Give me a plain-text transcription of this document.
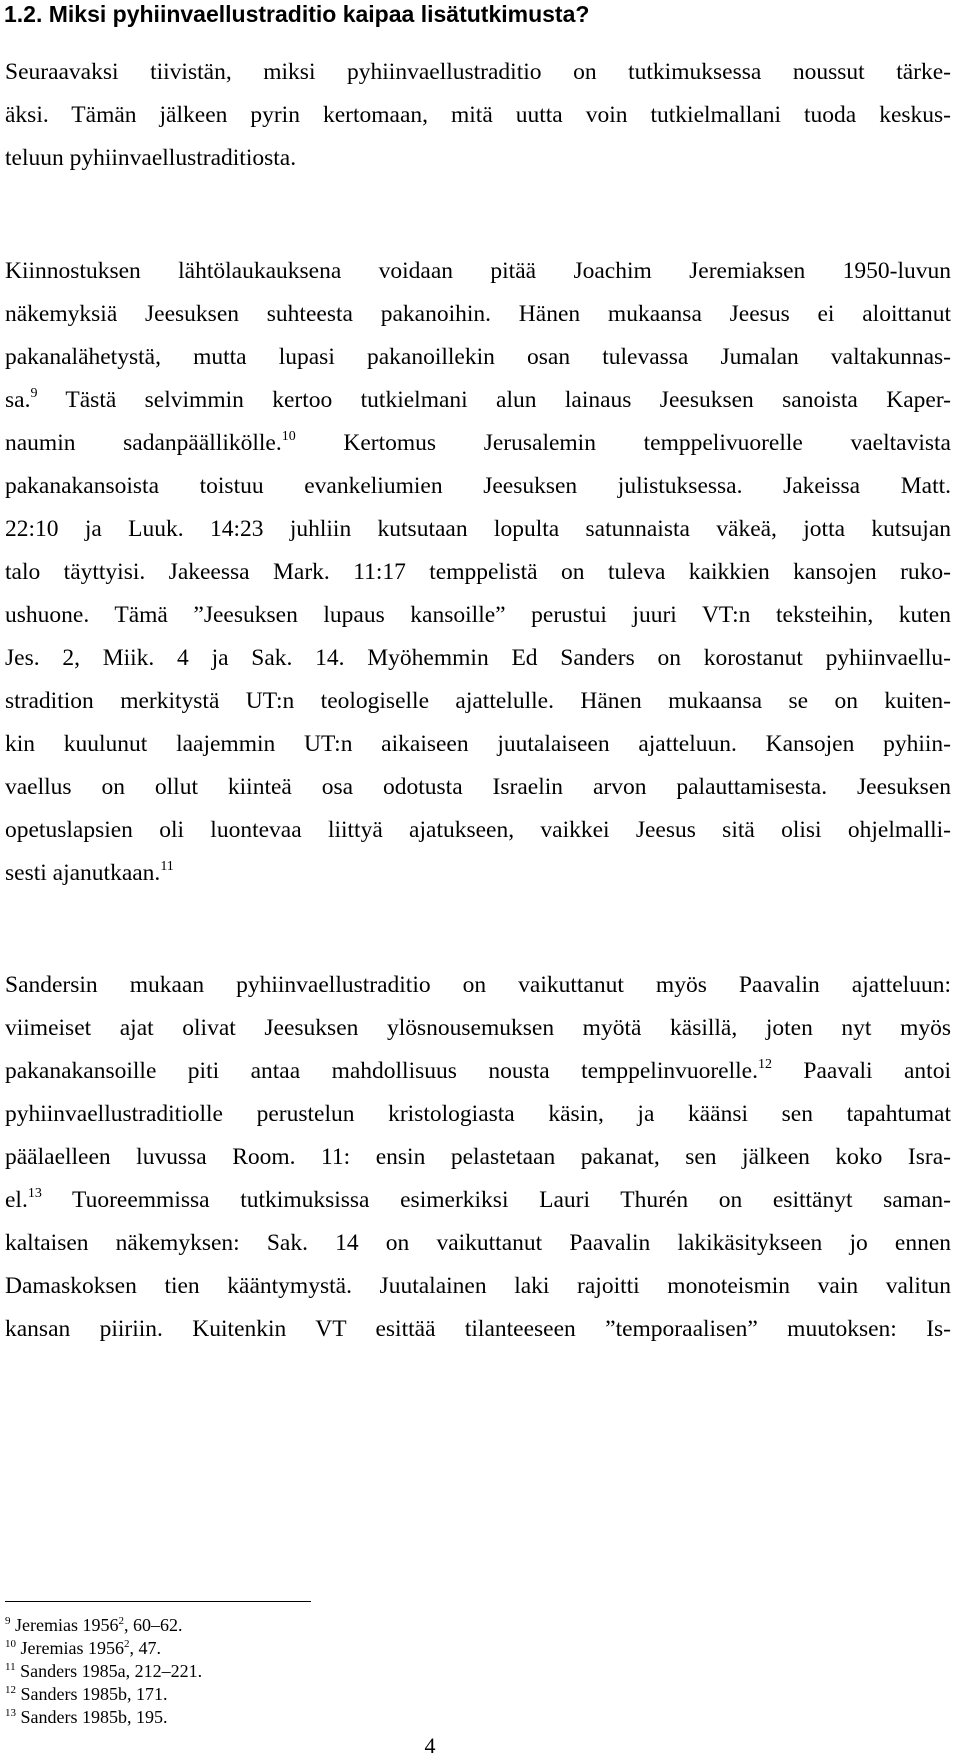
1.2. Miksi pyhiinvaellustraditio kaipaa lisätutkimusta?

Seuraavaksi tiivistän, miksi pyhiinvaellustraditio on tutkimuksessa noussut tärke-

äksi. Tämän jälkeen pyrin kertomaan, mitä uutta voin tutkielmallani tuoda keskus-

teluun pyhiinvaellustraditiosta.

Kiinnostuksen lähtölaukauksena voidaan pitää Joachim Jeremiaksen 1950-luvun

näkemyksiä Jeesuksen suhteesta pakanoihin. Hänen mukaansa Jeesus ei aloittanut

pakanalähetystä, mutta lupasi pakanoillekin osan tulevassa Jumalan valtakunnas-

sa.$^9$ Tästä selvimmin kertoo tutkielmani alun lainaus Jeesuksen sanoista Kaper-

naumin sadanpäällikölle.$^{10}$ Kertomus Jerusalemin temppelivuorelle vaeltavista

pakanakansoista toistuu evankeliumien Jeesuksen julistuksessa. Jakeissa Matt.

22:10 ja Luuk. 14:23 juhliin kutsutaan lopulta satunnaista väkeä, jotta kutsujan

talo täyttyisi. Jakeessa Mark. 11:17 temppelistä on tuleva kaikkien kansojen ruko-

ushuone. Tämä ”Jeesuksen lupaus kansoille” perustui juuri VT:n teksteihin, kuten

Jes. 2, Miik. 4 ja Sak. 14. Myöhemmin Ed Sanders on korostanut pyhiinvaellu-

stradition merkitystä UT:n teologiselle ajattelulle. Hänen mukaansa se on kuiten-

kin kuulunut laajemmin UT:n aikaiseen juutalaiseen ajatteluun. Kansojen pyhiin-

vaellus on ollut kiinteä osa odotusta Israelin arvon palauttamisesta. Jeesuksen

opetuslapsien oli luontevaa liittyä ajatukseen, vaikkei Jeesus sitä olisi ohjelmalli-

sesti ajanutkaan.$^{11}$

Sandersin mukaan pyhiinvaellustraditio on vaikuttanut myös Paavalin ajatteluun:

viimeiset ajat olivat Jeesuksen ylösnousemuksen myötä käsillä, joten nyt myös

pakanakansoille piti antaa mahdollisuus nousta temppelinvuorelle.$^{12}$ Paavali antoi

pyhiinvaellustraditiolle perustelun kristologiasta käsin, ja käänsi sen tapahtumat

päälaelleen luvussa Room. 11: ensin pelastetaan pakanat, sen jälkeen koko Isra-

el.$^{13}$ Tuoreemmissa tutkimuksissa esimerkiksi Lauri Thurén on esittänyt saman-

kaltaisen näkemyksen: Sak. 14 on vaikuttanut Paavalin lakikäsitykseen jo ennen

Damaskoksen tien kääntymystä. Juutalainen laki rajoitti monoteismin vain valitun

kansan piiriin. Kuitenkin VT esittää tilanteeseen ”temporaalisen” muutoksen: Is-

$^9$ Jeremias 1956$^2$, 60–62.

$^{10}$ Jeremias 1956$^2$, 47.

$^{11}$ Sanders 1985a, 212–221.

$^{12}$ Sanders 1985b, 171.

$^{13}$ Sanders 1985b, 195.

4
